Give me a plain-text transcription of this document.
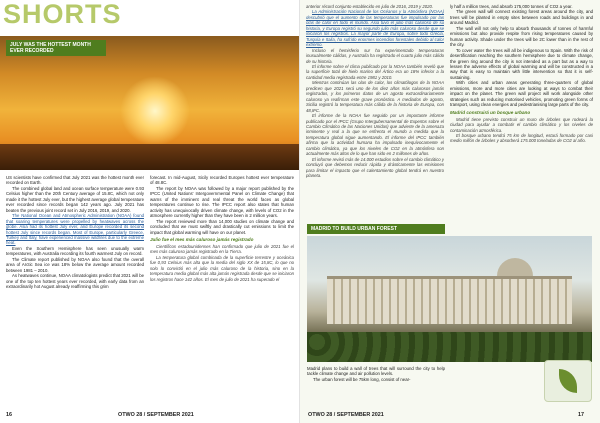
SHORTS
JULY WAS THE HOTTEST MONTH EVER RECORDED

US scientists have confirmed that July 2021 was the hottest month ever recorded on Earth.

The combined global land and ocean surface temperature were 0.93 Celsius higher than the 20th Century average of 15.8C, which not only made it the hottest July ever, but the highest average global temperature ever recorded since records began 142 years ago. July 2021 has beaten the previous joint record set in July 2016, 2019, and 2020.

The National Ocean and Atmospheric Administration (NOAA) found that soaring temperatures were propelled by heatwaves across the globe. Asia had its hottest July ever, and Europe recorded its second hottest July since records began. Most of Europe, particularly Greece, Turkey and Italy, have experienced massive wildfires due to the extreme heat.

Even the Southern Hemisphere has seen unusually warm temperatures, with Australia recording its fourth warmest July on record.

The Climate report published by NOAA also found that the overall area of Arctic Sea ice was 18% below the average amount recorded between 1981 – 2010.

As heatwaves continue, NOAA climatologists predict that 2021 will be one of the top ten hottest years ever recorded, with early data from an extraordinarily hot August already reaffirming this grim

forecast. In mid-August, Sicily recorded Europes hottest ever temperature of 48.8C.

The report by NOAA was followed by a major report published by the IPCC (United Nations' Intergovernmental Panel on Climate Change) that warns of the imminent and real threat the world faces as global temperatures continue to rise. The IPCC report also states that human activity has unequivocally driven climate change, with levels of CO2 in the atmosphere currently higher than they have been in 2 million years.

The report reviewed more than 14,000 studies on climate change and concluded that we must swiftly and drastically cut emissions to limit the impact that global warming will have on our planet.

Julio fue el mes más caluroso jamás registrado

Científicos estadounidenses han confirmado que julio de 2021 fue el mes más caluroso jamás registrado en la Tierra.

La temperatura global combinada de la superficie terrestre y oceánica fue 0,93 Celsius más alta que la media del siglo XX de 15,8C, lo que no solo lo convirtió en el julio más caluroso de la historia, sino en la temperatura media global más alta jamás registrada desde que se iniciaron los registros hace 142 años. El mes de julio de 2021 ha superado el

16	OTWO 28 / SEPTEMBER 2021

anterior récord conjunto establecido en julio de 2016, 2019 y 2020.

La Administración Nacional de los Océanos y la Atmósfera (NOAA) descubrió que el aumento de las temperaturas fue impulsado por las olas de calor en todo el mundo. Asia tuvo el julio más caluroso de su historia, y Europa registró su segundo julio más caluroso desde que se iniciaron los registros. La mayor parte de Europa, sobre todo Grecia, Turquía e Italia, ha sufrido enormes incendios forestales debido al calor extremo.

Incluso el hemisferio sur ha experimentado temperaturas inusualmente cálidas, y Australia ha registrado el cuarto julio más cálido de su historia.

El informe sobre el clima publicado por la NOAA también reveló que la superficie total de hielo marino del Ártico era un 18% inferior a la cantidad media registrada entre 1981 y 2010.

Mientras continúan las olas de calor, los climatólogos de la NOAA predicen que 2021 será uno de los diez años más calurosos jamás registrados, y los primeros datos de un agosto extraordinariamente caluroso ya reafirman este grave pronóstico. A mediados de agosto, Sicilia registró la temperatura más cálida de la historia de Europa, con 48,8ºC.

El informe de la NOAA fue seguido por un importante informe publicado por el IPCC (Grupo Intergubernamental de Expertos sobre el Cambio Climático de las Naciones Unidas) que advierte de la amenaza inminente y real a la que se enfrenta el mundo a medida que la temperatura global sigue aumentando. El informe del IPCC también afirma que la actividad humana ha impulsado inequívocamente el cambio climático, ya que los niveles de CO2 en la atmósfera son actualmente más altos de lo que han sido en 2 millones de años.

El informe revisó más de 14.000 estudios sobre el cambio climático y concluyó que debemos reducir rápida y drásticamente las emisiones para limitar el impacto que el calentamiento global tendrá en nuestro planeta.

ly half a million trees, and absorb 175,000 tonnes of CO2 a year.

The green wall will connect existing forest areas around the city, and trees will be planted in empty sites between roads and buildings in and around Madrid.

The wall will not only help to absorb thousands of tonnes of harmful emissions but also provide respite from rising temperatures caused by human activity. Shade under the trees will be 2C lower than in the rest of the city.

To cover water the trees will all be indigenous to Spain. With the risk of desertification reaching the southern hemisphere due to climate change, the green ring around the city is not intended as a part but as a way to lessen the adverse effects of global warming and will be constructed in a way that is easy to maintain with little intervention so that it is self-sustaining.

With cities and urban areas generating three-quarters of global emissions, more and more cities are looking at ways to combat their impact on the planet. The green wall project will work alongside other strategies such as reducing motorised vehicles, promoting green forms of transport, using clean energies and pedestrianising large parts of the city.

Madrid construirá un bosque urbano

Madrid tiene previsto construir un muro de árboles que rodeará la ciudad para ayudar a combatir el cambio climático y los niveles de contaminación atmosférica.

El bosque urbano tendrá 75 km de longitud, estará formado por casi medio millón de árboles y absorberá 175.000 toneladas de CO2 al año.

MADRID TO BUILD URBAN FOREST

Madrid plans to build a wall of trees that will surround the city to help tackle climate change and air pollution levels.

The urban forest will be 75km long, consist of near-

OTWO 28 / SEPTEMBER 2021	17
